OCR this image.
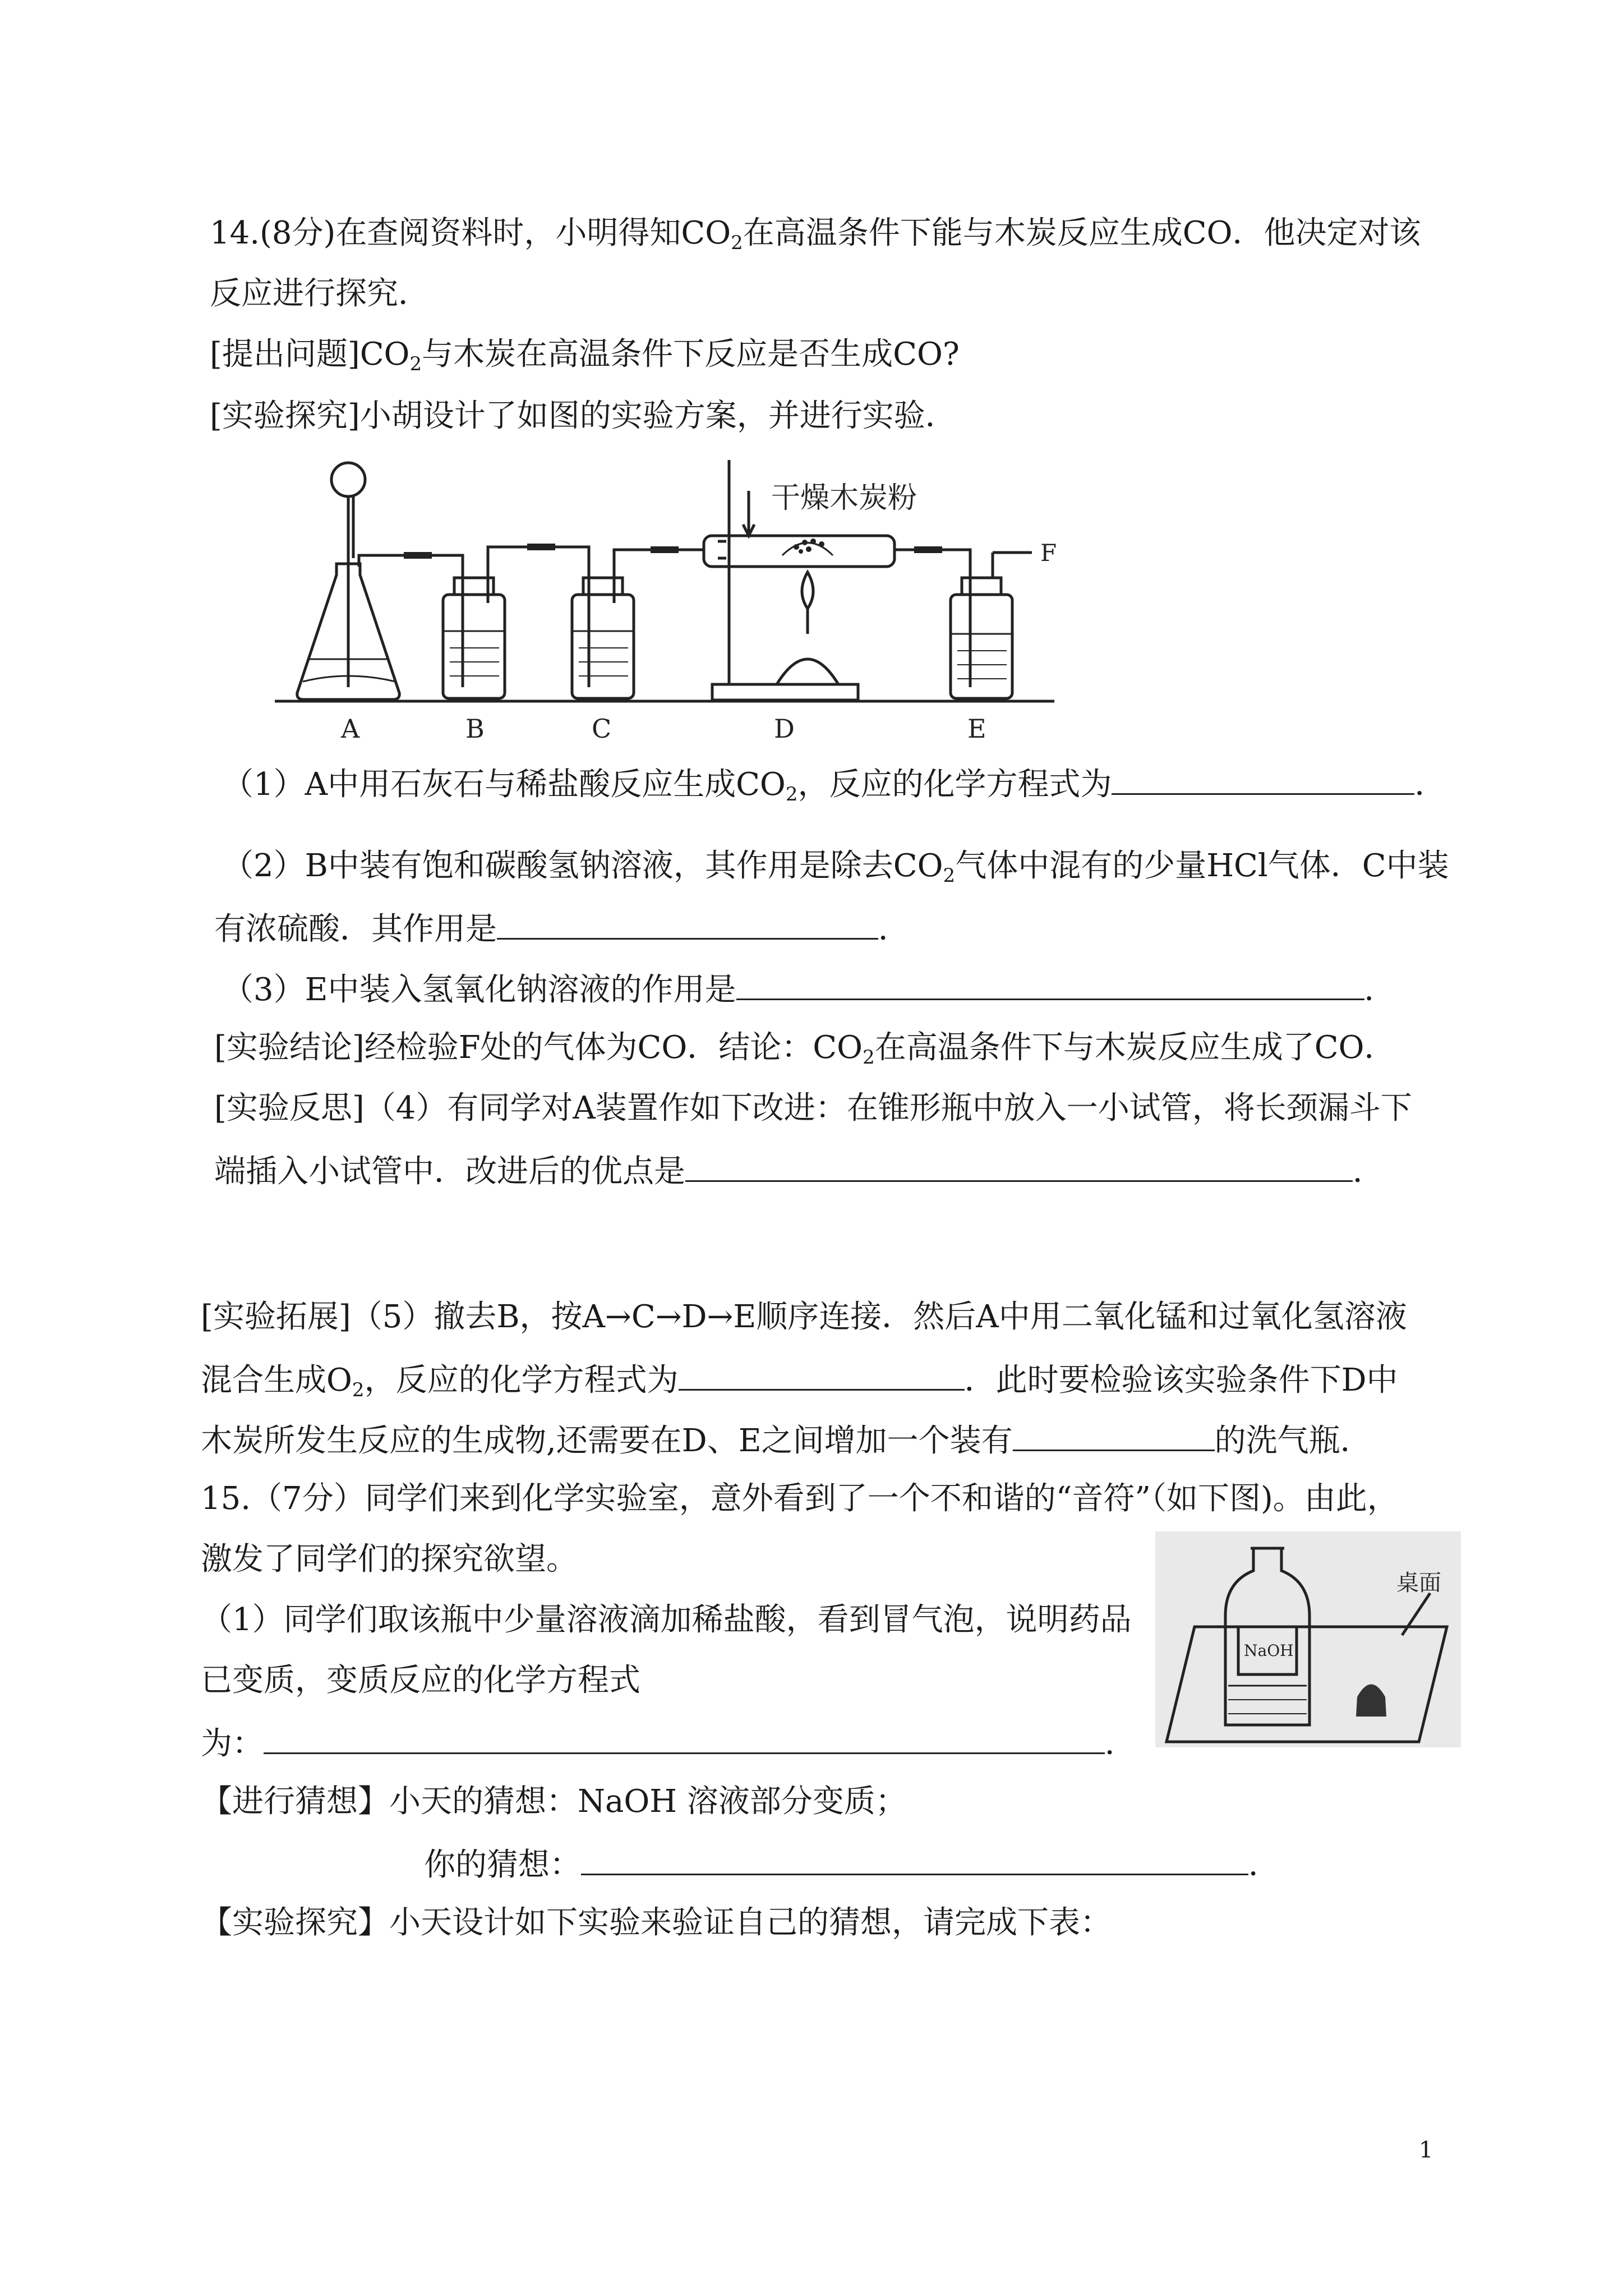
14.(8分)在查阅资料时，小明得知$CO_2$在高温条件下能与木炭反应生成CO．他决定对该
反应进行探究．
[提出问题]$CO_2$与木炭在高温条件下反应是否生成CO?
[实验探究]小胡设计了如图的实验方案，并进行实验．
干燥木炭粉
F
A	B	C	D	E
（1）A中用石灰石与稀盐酸反应生成$CO_2$，反应的化学方程式为	．
（2）B中装有饱和碳酸氢钠溶液，其作用是除去$CO_2$气体中混有的少量HCl气体．C中装
有浓硫酸．其作用是	．
（3）E中装入氢氧化钠溶液的作用是	．
[实验结论]经检验F处的气体为CO．结论：$CO_2$在高温条件下与木炭反应生成了CO．
[实验反思]（4）有同学对A装置作如下改进：在锥形瓶中放入一小试管，将长颈漏斗下
端插入小试管中．改进后的优点是	．
[实验拓展]（5）撤去B，按A→C→D→E顺序连接．然后A中用二氧化锰和过氧化氢溶液
混合生成$O_2$，反应的化学方程式为	．此时要检验该实验条件下D中
木炭所发生反应的生成物,还需要在D、E之间增加一个装有	的洗气瓶．
15.（7分）同学们来到化学实验室，意外看到了一个不和谐的“音符”（如下图)。由此，
激发了同学们的探究欲望。
NaOH
桌面
（1）同学们取该瓶中少量溶液滴加稀盐酸，看到冒气泡，说明药品
已变质，变质反应的化学方程式
为：	．
【进行猜想】小天的猜想：NaOH 溶液部分变质；
你的猜想：	．
【实验探究】小天设计如下实验来验证自己的猜想，请完成下表：
1
